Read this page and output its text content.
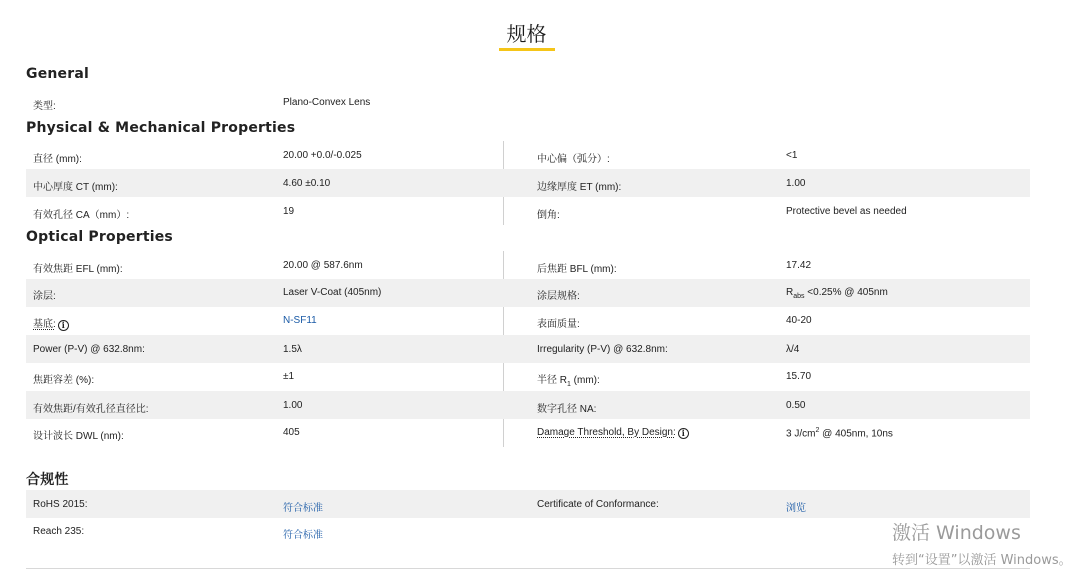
规格
General
类型:	Plano-Convex Lens
Physical & Mechanical Properties
直径 (mm):	20.00 +0.0/-0.025	中心偏（弧分）:	<1
中心厚度 CT (mm):	4.60 ±0.10	边缘厚度 ET (mm):	1.00
有效孔径 CA（mm）:	19	倒角:	Protective bevel as needed
Optical Properties
有效焦距 EFL (mm):	20.00 @ 587.6nm	后焦距 BFL (mm):	17.42
涂层:	Laser V-Coat (405nm)	涂层规格:	$R_{abs} <0.25\%$ @ 405nm
基底: i	N-SF11	表面质量:	40-20
Power (P-V) @ 632.8nm:	1.5λ	Irregularity (P-V) @ 632.8nm:	λ/4
焦距容差 (%):	±1	半径 $R_1$ (mm):	15.70
有效焦距/有效孔径直径比:	1.00	数字孔径 NA:	0.50
设计波长 DWL (nm):	405	Damage Threshold, By Design: i	3 $J/cm^2$ @ 405nm, 10ns
合规性
RoHS 2015:	符合标准	Certificate of Conformance:	浏览
Reach 235:	符合标准	激活 Windows
转到“设置”以激活 Windows。
